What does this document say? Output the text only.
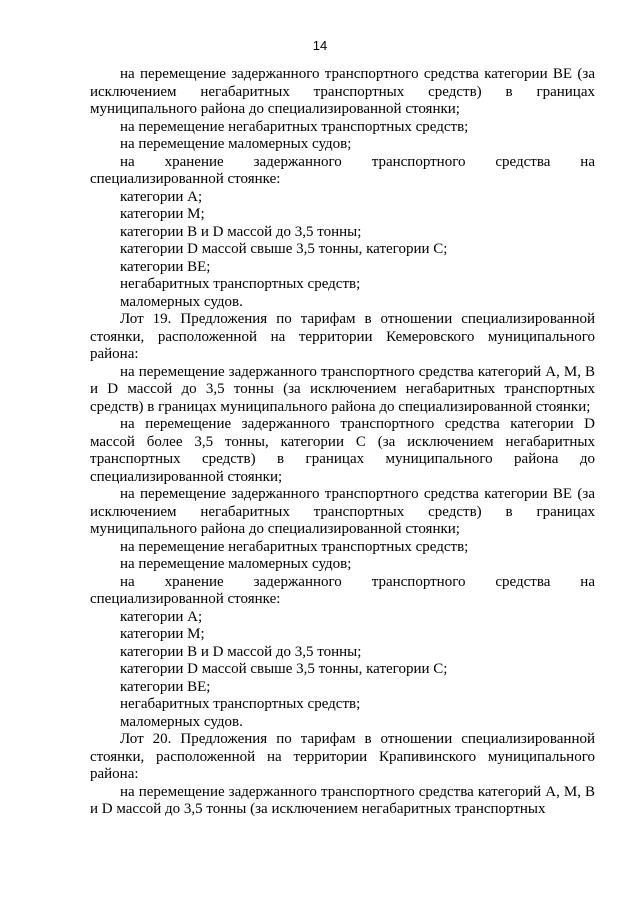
14

на перемещение задержанного транспортного средства категории BE (за исключением негабаритных транспортных средств) в границах муниципального района до специализированной стоянки;

на перемещение негабаритных транспортных средств;

на перемещение маломерных судов;

на хранение задержанного транспортного средства на специализированной стоянке:

категории A;

категории M;

категории B и D массой до 3,5 тонны;

категории D массой свыше 3,5 тонны, категории C;

категории BE;

негабаритных транспортных средств;

маломерных судов.

Лот 19. Предложения по тарифам в отношении специализированной стоянки, расположенной на территории Кемеровского муниципального района:

на перемещение задержанного транспортного средства категорий A, M, B и D массой до 3,5 тонны (за исключением негабаритных транспортных средств) в границах муниципального района до специализированной стоянки;

на перемещение задержанного транспортного средства категории D массой более 3,5 тонны, категории C (за исключением негабаритных транспортных средств) в границах муниципального района до специализированной стоянки;

на перемещение задержанного транспортного средства категории BE (за исключением негабаритных транспортных средств) в границах муниципального района до специализированной стоянки;

на перемещение негабаритных транспортных средств;

на перемещение маломерных судов;

на хранение задержанного транспортного средства на специализированной стоянке:

категории A;

категории M;

категории B и D массой до 3,5 тонны;

категории D массой свыше 3,5 тонны, категории C;

категории BE;

негабаритных транспортных средств;

маломерных судов.

Лот 20. Предложения по тарифам в отношении специализированной стоянки, расположенной на территории Крапивинского муниципального района:

на перемещение задержанного транспортного средства категорий A, M, B и D массой до 3,5 тонны (за исключением негабаритных транспортных
